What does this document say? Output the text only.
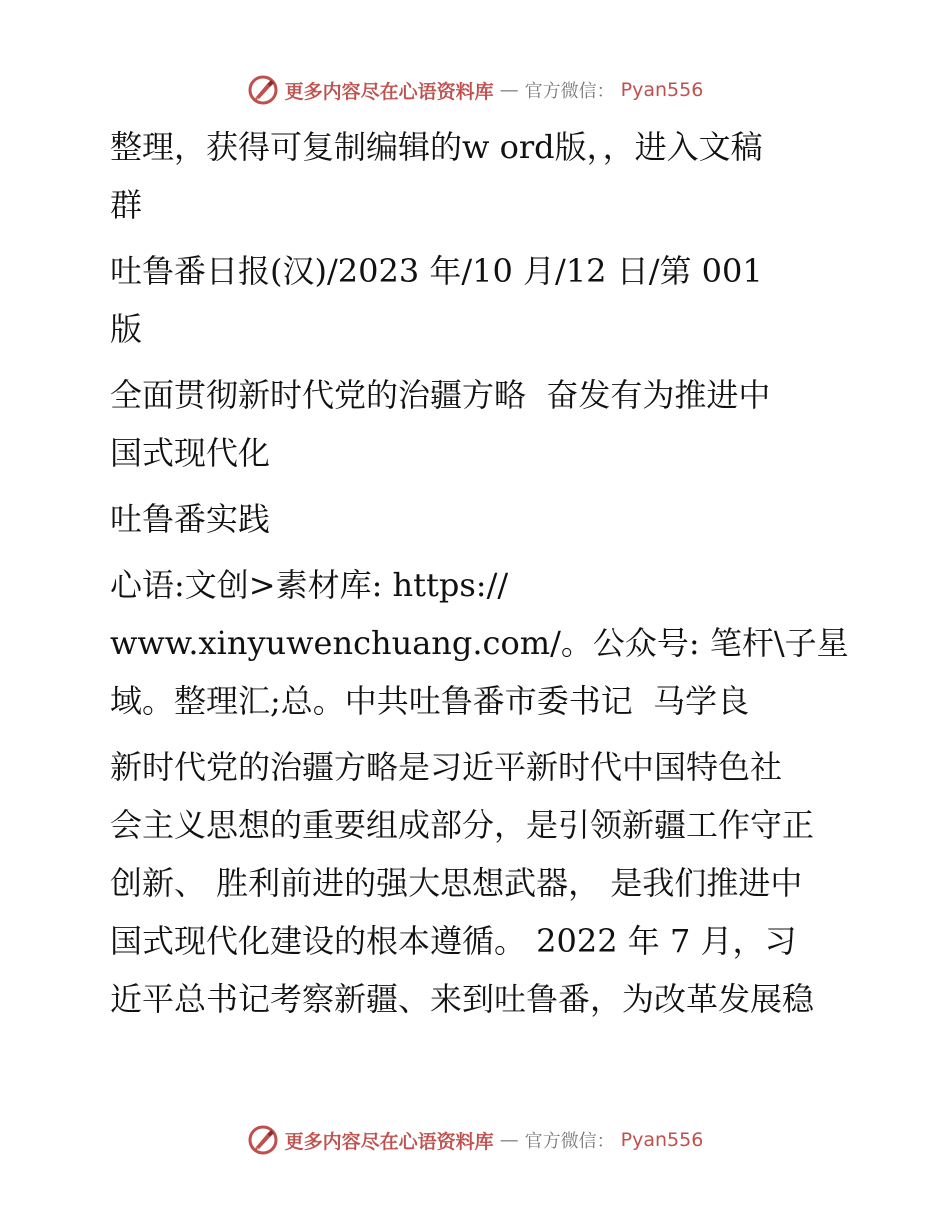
更多内容尽在心语资料库 — 官方微信： Pyan556
整理，获得可复制编辑的w ord版，，进入文稿
群
吐鲁番日报(汉)/2023 年/10 月/12 日/第 001
版
全面贯彻新时代党的治疆方略  奋发有为推进中
国式现代化
吐鲁番实践
心语:文创>素材库: https://
www.xinyuwenchuang.com/。公众号: 笔杆\子星
域。整理汇;总。中共吐鲁番市委书记  马学良
新时代党的治疆方略是习近平新时代中国特色社
会主义思想的重要组成部分，是引领新疆工作守正
创新、 胜利前进的强大思想武器， 是我们推进中
国式现代化建设的根本遵循。 2022 年 7 月，习
近平总书记考察新疆、来到吐鲁番，为改革发展稳
更多内容尽在心语资料库 — 官方微信： Pyan556
